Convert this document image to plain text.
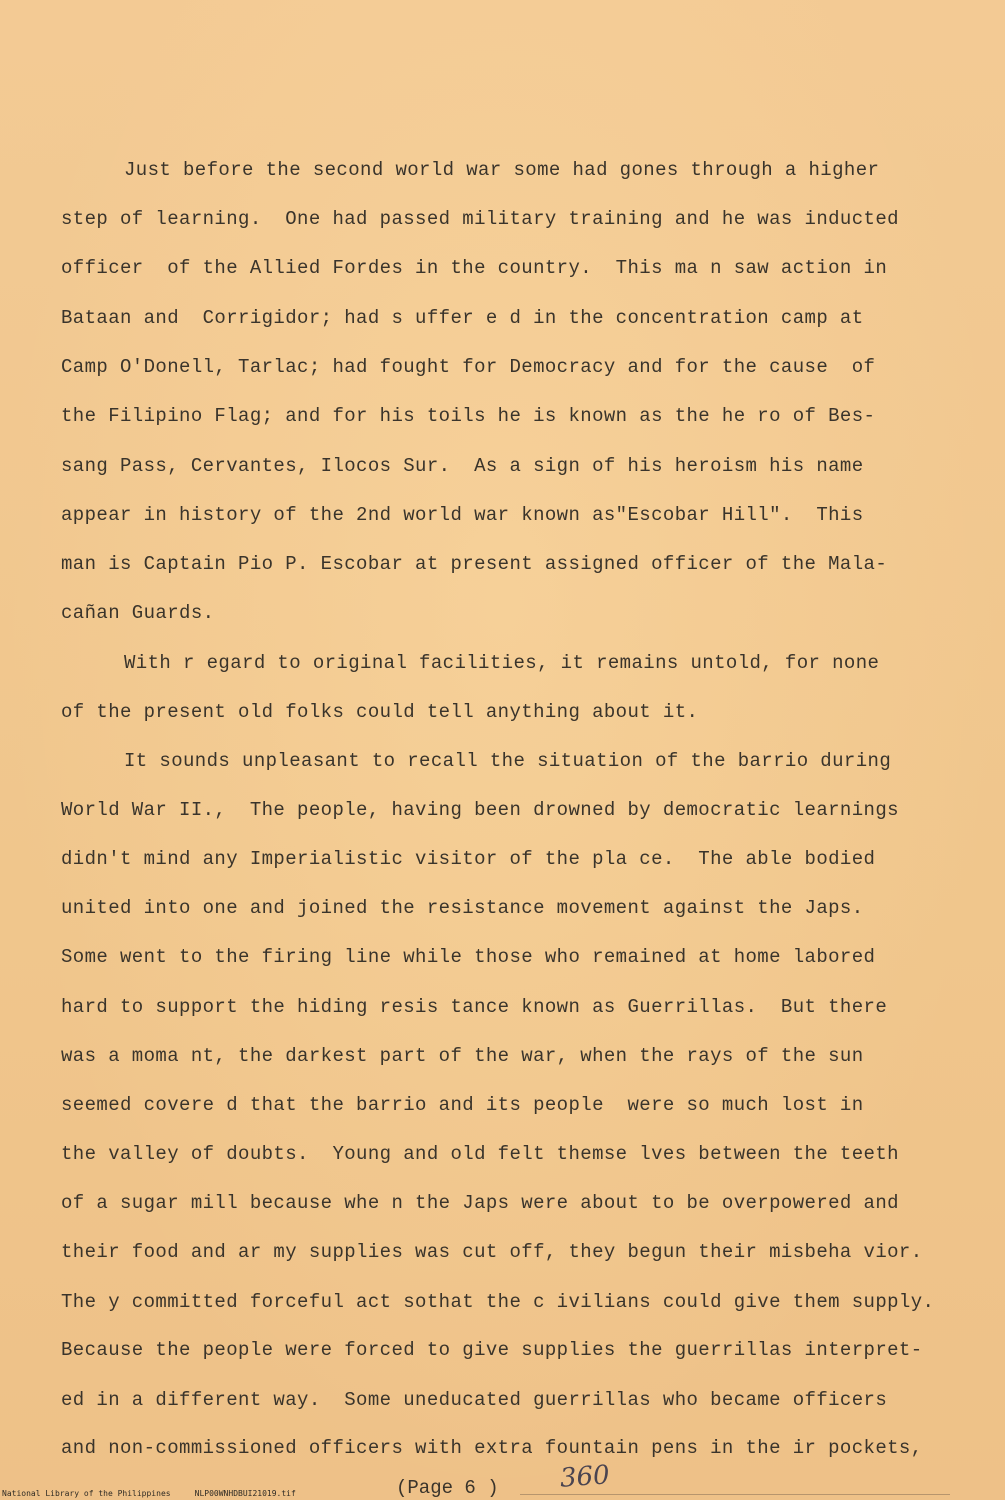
Just before the second world war some had gones through a higher
step of learning.  One had passed military training and he was inducted
officer  of the Allied Fordes in the country.  This ma n saw action in
Bataan and  Corrigidor; had s uffer e d in the concentration camp at
Camp O'Donell, Tarlac; had fought for Democracy and for the cause  of
the Filipino Flag; and for his toils he is known as the he ro of Bes-
sang Pass, Cervantes, Ilocos Sur.  As a sign of his heroism his name
appear in history of the 2nd world war known as"Escobar Hill".  This
man is Captain Pio P. Escobar at present assigned officer of the Mala-
cañan Guards.
With r egard to original facilities, it remains untold, for none
of the present old folks could tell anything about it.
It sounds unpleasant to recall the situation of the barrio during
World War II.,  The people, having been drowned by democratic learnings
didn't mind any Imperialistic visitor of the pla ce.  The able bodied
united into one and joined the resistance movement against the Japs.
Some went to the firing line while those who remained at home labored
hard to support the hiding resis tance known as Guerrillas.  But there
was a moma nt, the darkest part of the war, when the rays of the sun
seemed covere d that the barrio and its people  were so much lost in
the valley of doubts.  Young and old felt themse lves between the teeth
of a sugar mill because whe n the Japs were about to be overpowered and
their food and ar my supplies was cut off, they begun their misbeha vior.
The y committed forceful act sothat the c ivilians could give them supply.
Because the people were forced to give supplies the guerrillas interpret-
ed in a different way.  Some uneducated guerrillas who became officers
and non-commissioned officers with extra fountain pens in the ir pockets,
(Page 6 ) 360
National Library of the Philippines     NLP00WNHDBUI21019.tif
